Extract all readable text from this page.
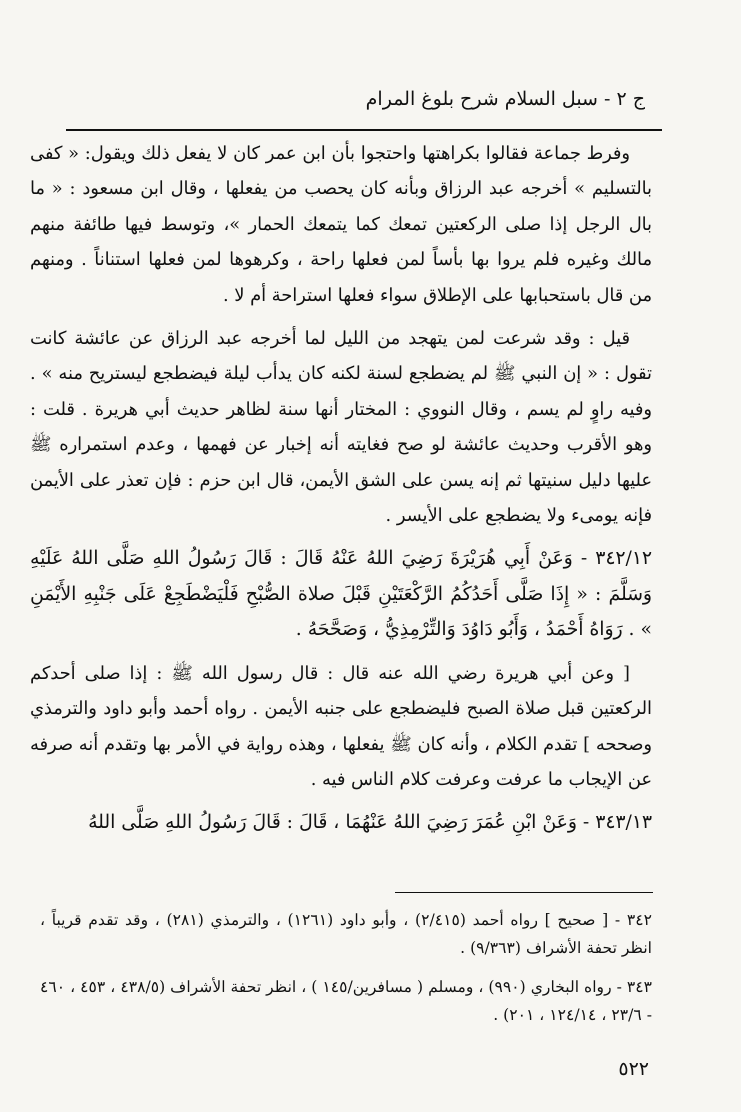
ج ٢ - سبل السلام شرح بلوغ المرام

وفرط جماعة فقالوا بكراهتها واحتجوا بأن ابن عمر كان لا يفعل ذلك ويقول: « كفى بالتسليم » أخرجه عبد الرزاق وبأنه كان يحصب من يفعلها ، وقال ابن مسعود : « ما بال الرجل إذا صلى الركعتين تمعك كما يتمعك الحمار »، وتوسط فيها طائفة منهم مالك وغيره فلم يروا بها بأساً لمن فعلها راحة ، وكرهوها لمن فعلها استناناً . ومنهم من قال باستحبابها على الإطلاق سواء فعلها استراحة أم لا .

قيل : وقد شرعت لمن يتهجد من الليل لما أخرجه عبد الرزاق عن عائشة كانت تقول : « إن النبي ﷺ لم يضطجع لسنة لكنه كان يدأب ليلة فيضطجع ليستريح منه » . وفيه راوٍ لم يسم ، وقال النووي : المختار أنها سنة لظاهر حديث أبي هريرة . قلت : وهو الأقرب وحديث عائشة لو صح فغايته أنه إخبار عن فهمها ، وعدم استمراره ﷺ عليها دليل سنيتها ثم إنه يسن على الشق الأيمن، قال ابن حزم : فإن تعذر على الأيمن فإنه يومىء ولا يضطجع على الأيسر .

٣٤٢/١٢ - وَعَنْ أَبِي هُرَيْرَةَ رَضِيَ اللهُ عَنْهُ قَالَ : قَالَ رَسُولُ اللهِ صَلَّى اللهُ عَلَيْهِ وَسَلَّمَ : « إِذَا صَلَّى أَحَدُكُمُ الرَّكْعَتَيْنِ قَبْلَ صلاة الصُّبْحِ فَلْيَضْطَجِعْ عَلَى جَنْبِهِ الأَيْمَنِ » . رَوَاهُ أَحْمَدُ ، وَأَبُو دَاوُدَ وَالتِّرْمِذِيُّ ، وَصَحَّحَهُ .

[ وعن أبي هريرة رضي الله عنه قال : قال رسول الله ﷺ : إذا صلى أحدكم الركعتين قبل صلاة الصبح فليضطجع على جنبه الأيمن . رواه أحمد وأبو داود والترمذي وصححه ] تقدم الكلام ، وأنه كان ﷺ يفعلها ، وهذه رواية في الأمر بها وتقدم أنه صرفه عن الإيجاب ما عرفت وعرفت كلام الناس فيه .

٣٤٣/١٣ - وَعَنْ ابْنِ عُمَرَ رَضِيَ اللهُ عَنْهُمَا ، قَالَ : قَالَ رَسُولُ اللهِ صَلَّى اللهُ

٣٤٢ - [ صحيح ] رواه أحمد (٢/٤١٥) ، وأبو داود (١٢٦١) ، والترمذي (٢٨١) ، وقد تقدم قريباً ، انظر تحفة الأشراف (٩/٣٦٣) .

٣٤٣ - رواه البخاري (٩٩٠) ، ومسلم ( مسافرين/١٤٥ ) ، انظر تحفة الأشراف (٤٣٨/٥ ، ٤٥٣ ، ٤٦٠ - ٢٣/٦ ، ١٢٤/١٤ ، ٢٠١) .

٥٢٢
